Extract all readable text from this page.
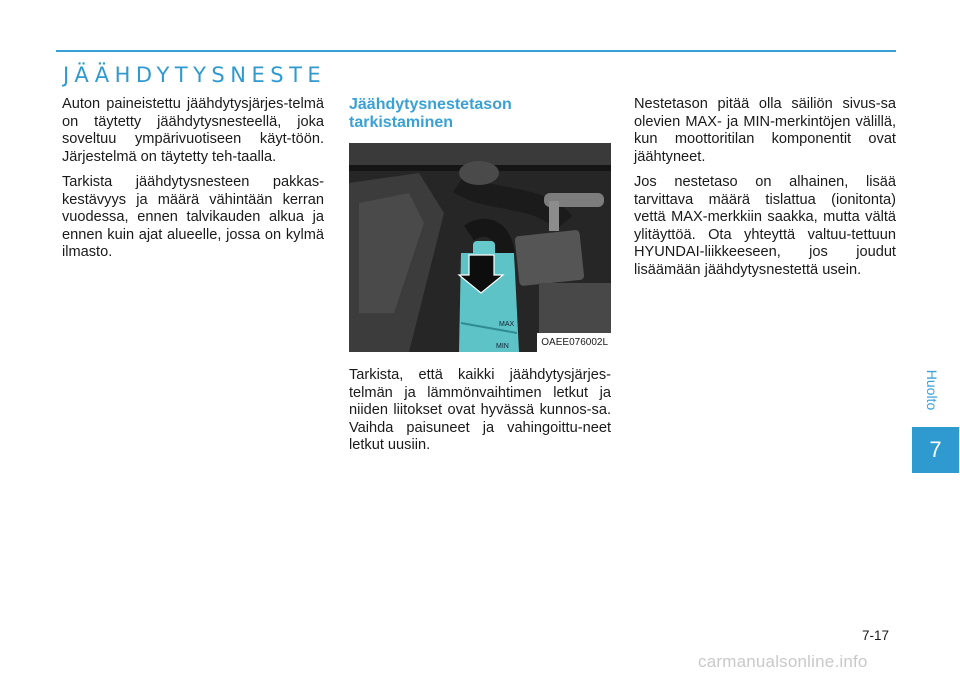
JÄÄHDYTYSNESTE

Auton paineistettu jäähdytysjärjes-telmä on täytetty jäähdytysnesteellä, joka soveltuu ympärivuotiseen käyt-töön. Järjestelmä on täytetty teh-taalla.

Tarkista jäähdytysnesteen pakkas-kestävyys ja määrä vähintään kerran vuodessa, ennen talvikauden alkua ja ennen kuin ajat alueelle, jossa on kylmä ilmasto.

Jäähdytysnestetason tarkistaminen
MAX
MIN	OAEE076002L

Tarkista, että kaikki jäähdytysjärjes-telmän ja lämmönvaihtimen letkut ja niiden liitokset ovat hyvässä kunnos-sa. Vaihda paisuneet ja vahingoittu-neet letkut uusiin.

Nestetason pitää olla säiliön sivus-sa olevien MAX- ja MIN-merkintöjen välillä, kun moottoritilan komponentit ovat jäähtyneet.

Jos nestetaso on alhainen, lisää tarvittava määrä tislattua (ionitonta) vettä MAX-merkkiin saakka, mutta vältä ylitäyttöä. Ota yhteyttä valtuu-tettuun HYUNDAI-liikkeeseen, jos joudut lisäämään jäähdytysnestettä usein.

Huolto
7
7-17
carmanualsonline.info
